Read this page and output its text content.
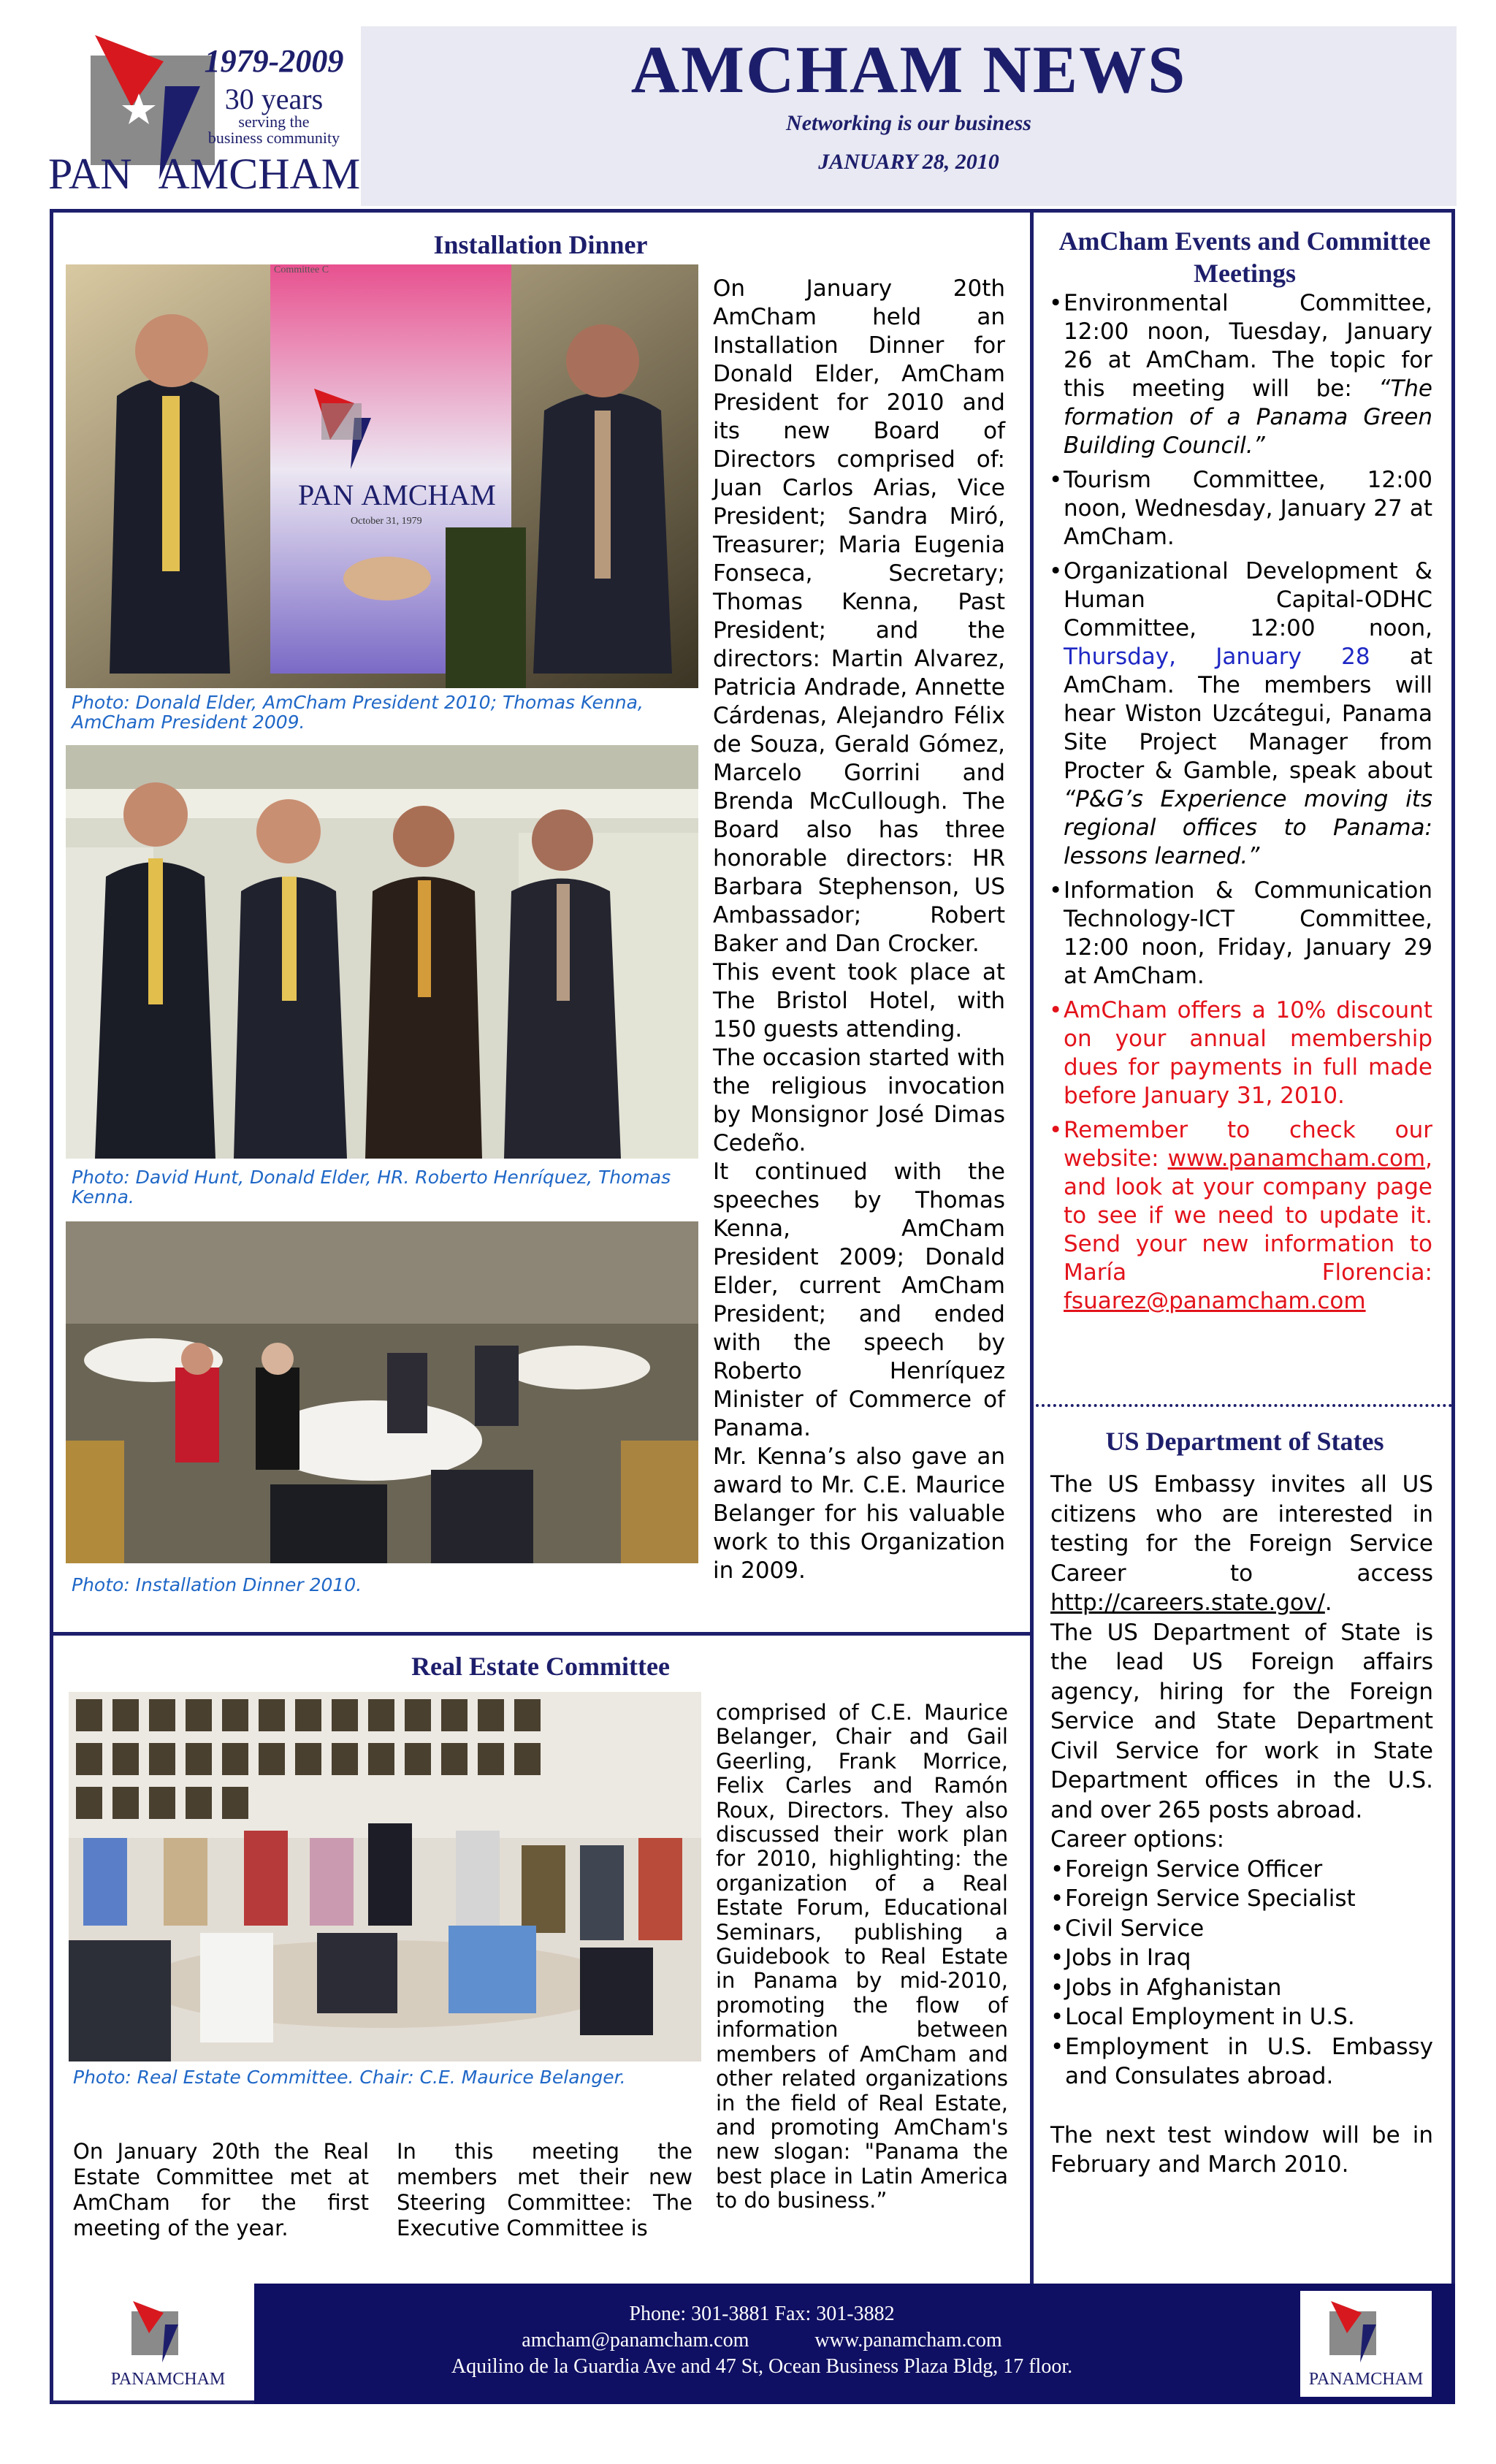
1979-2009
30 years
serving the
business community
PAN AMCHAM
AMCHAM NEWS
Networking is our business
JANUARY 28, 2010
Installation Dinner
Committee C
PAN AMCHAM
October 31, 1979
Photo: Donald Elder, AmCham President 2010; Thomas Kenna, AmCham President 2009.
Photo: David Hunt, Donald Elder, HR. Roberto Henríquez, Thomas Kenna.
Photo: Installation Dinner 2010.

On January 20th AmCham held an Installation Dinner for Donald Elder, AmCham President for 2010 and its new Board of Directors comprised of: Juan Carlos Arias, Vice President; Sandra Miró, Treasurer; Maria Eugenia Fonseca, Secretary; Thomas Kenna, Past President; and the directors: Martin Alvarez, Patricia Andrade, Annette Cárdenas, Alejandro Félix de Souza, Gerald Gómez, Marcelo Gorrini and Brenda McCullough. The Board also has three honorable directors: HR Barbara Stephenson, US Ambassador; Robert Baker and Dan Crocker.

This event took place at The Bristol Hotel, with 150 guests attending.

The occasion started with the religious invocation by Monsignor José Dimas Cedeño.

It continued with the speeches by Thomas Kenna, AmCham President 2009; Donald Elder, current AmCham President; and ended with the speech by Roberto Henríquez Minister of Commerce of Panama.

Mr. Kenna’s also gave an award to Mr. C.E. Maurice Belanger for his valuable work to this Organization in 2009.

Real Estate Committee
Photo: Real Estate Committee. Chair: C.E. Maurice Belanger.
On January 20th the Real Estate Committee met at AmCham for the first meeting of the year.
In this meeting the members met their new Steering Committee: The Executive Committee is
comprised of C.E. Maurice Belanger, Chair and Gail Geerling, Frank Morrice, Felix Carles and Ramón Roux, Directors. They also discussed their work plan for 2010, highlighting: the organization of a Real Estate Forum, Educational Seminars, publishing a Guidebook to Real Estate in Panama by mid-2010, promoting the flow of information between members of AmCham and other related organizations in the field of Real Estate, and promoting AmCham's new slogan: "Panama the best place in Latin America to do business.”
AmCham Events and Committee Meetings
• Environmental Committee, 12:00 noon, Tuesday, January 26 at AmCham. The topic for this meeting will be: “The formation of a Panama Green Building Council.”
• Tourism Committee, 12:00 noon, Wednesday, January 27 at AmCham.
• Organizational Development & Human Capital-ODHC Committee, 12:00 noon, Thursday, January 28 at AmCham. The members will hear Wiston Uzcátegui, Panama Site Project Manager from Procter & Gamble, speak about “P&G’s Experience moving its regional offices to Panama: lessons learned.”
• Information & Communication Technology-ICT Committee, 12:00 noon, Friday, January 29 at AmCham.
• AmCham offers a 10% discount on your annual membership dues for payments in full made before January 31, 2010.
• Remember to check our website: www.panamcham.com, and look at your company page to see if we need to update it. Send your new information to María Florencia: fsuarez@panamcham.com
US Department of States

The US Embassy invites all US citizens who are interested in testing for the Foreign Service Career to access http://careers.state.gov/.

The US Department of State is the lead US Foreign affairs agency, hiring for the Foreign Service and State Department Civil Service for work in State Department offices in the U.S. and over 265 posts abroad.

Career options:

• Foreign Service Officer
• Foreign Service Specialist
• Civil Service
• Jobs in Iraq
• Jobs in Afghanistan
• Local Employment in U.S.
• Employment in U.S. Embassy and Consulates abroad.

The next test window will be in February and March 2010.

Phone: 301-3881 Fax: 301-3882
amcham@panamcham.com	www.panamcham.com
Aquilino de la Guardia Ave and 47 St, Ocean Business Plaza Bldg, 17 floor.
PANAMCHAM	PANAMCHAM
